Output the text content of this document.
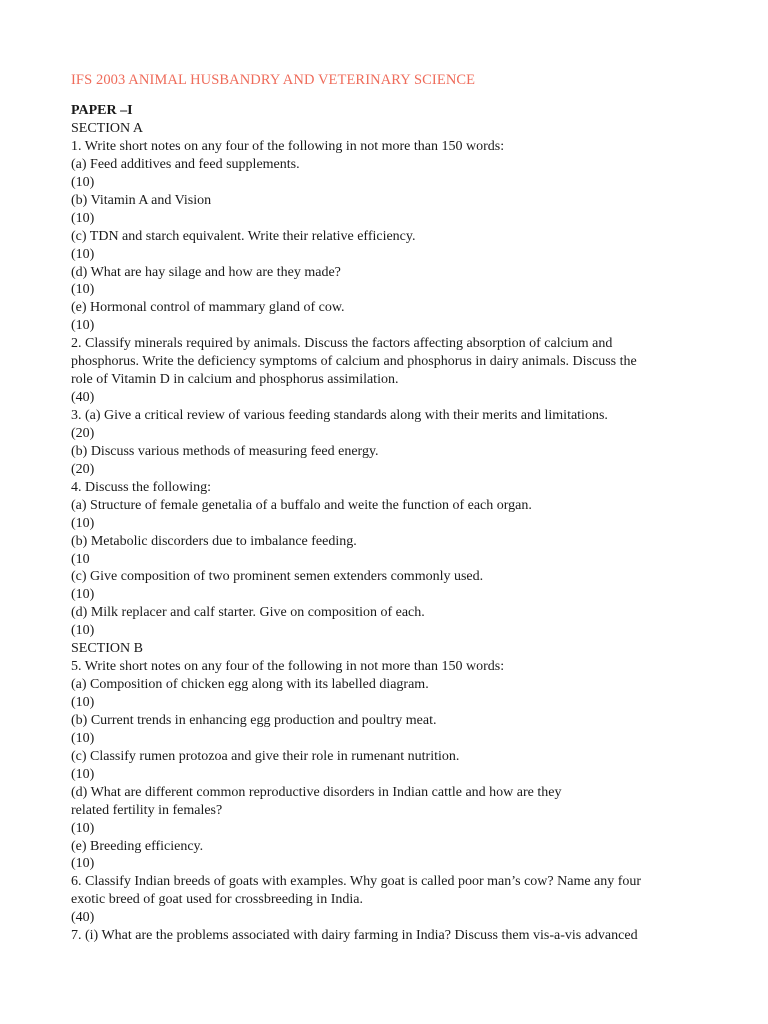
IFS 2003 ANIMAL HUSBANDRY AND VETERINARY SCIENCE
PAPER –I
SECTION A
1. Write short notes on any four of the following in not more than 150 words:
(a) Feed additives and feed supplements.
(10)
(b) Vitamin A and Vision
(10)
(c) TDN and starch equivalent. Write their relative efficiency.
(10)
(d) What are hay silage and how are they made?
(10)
(e) Hormonal control of mammary gland of cow.
(10)
2. Classify minerals required by animals. Discuss the factors affecting absorption of calcium and
phosphorus. Write the deficiency symptoms of calcium and phosphorus in dairy animals. Discuss the
role of Vitamin D in calcium and phosphorus assimilation.
(40)
3. (a) Give a critical review of various feeding standards along with their merits and limitations.
(20)
(b) Discuss various methods of measuring feed energy.
(20)
4. Discuss the following:
(a) Structure of female genetalia of a buffalo and weite the function of each organ.
(10)
(b) Metabolic discorders due to imbalance feeding.
(10
(c) Give composition of two prominent semen extenders commonly used.
(10)
(d) Milk replacer and calf starter. Give on composition of each.
(10)
SECTION B
5. Write short notes on any four of the following in not more than 150 words:
(a) Composition of chicken egg along with its labelled diagram.
(10)
(b) Current trends in enhancing egg production and poultry meat.
(10)
(c) Classify rumen protozoa and give their role in rumenant nutrition.
(10)
(d) What are different common reproductive disorders in Indian cattle and how are they
related fertility in females?
(10)
(e) Breeding efficiency.
(10)
6. Classify Indian breeds of goats with examples. Why goat is called poor man’s cow? Name any four
exotic breed of goat used for crossbreeding in India.
(40)
7. (i) What are the problems associated with dairy farming in India? Discuss them vis-a-vis advanced
